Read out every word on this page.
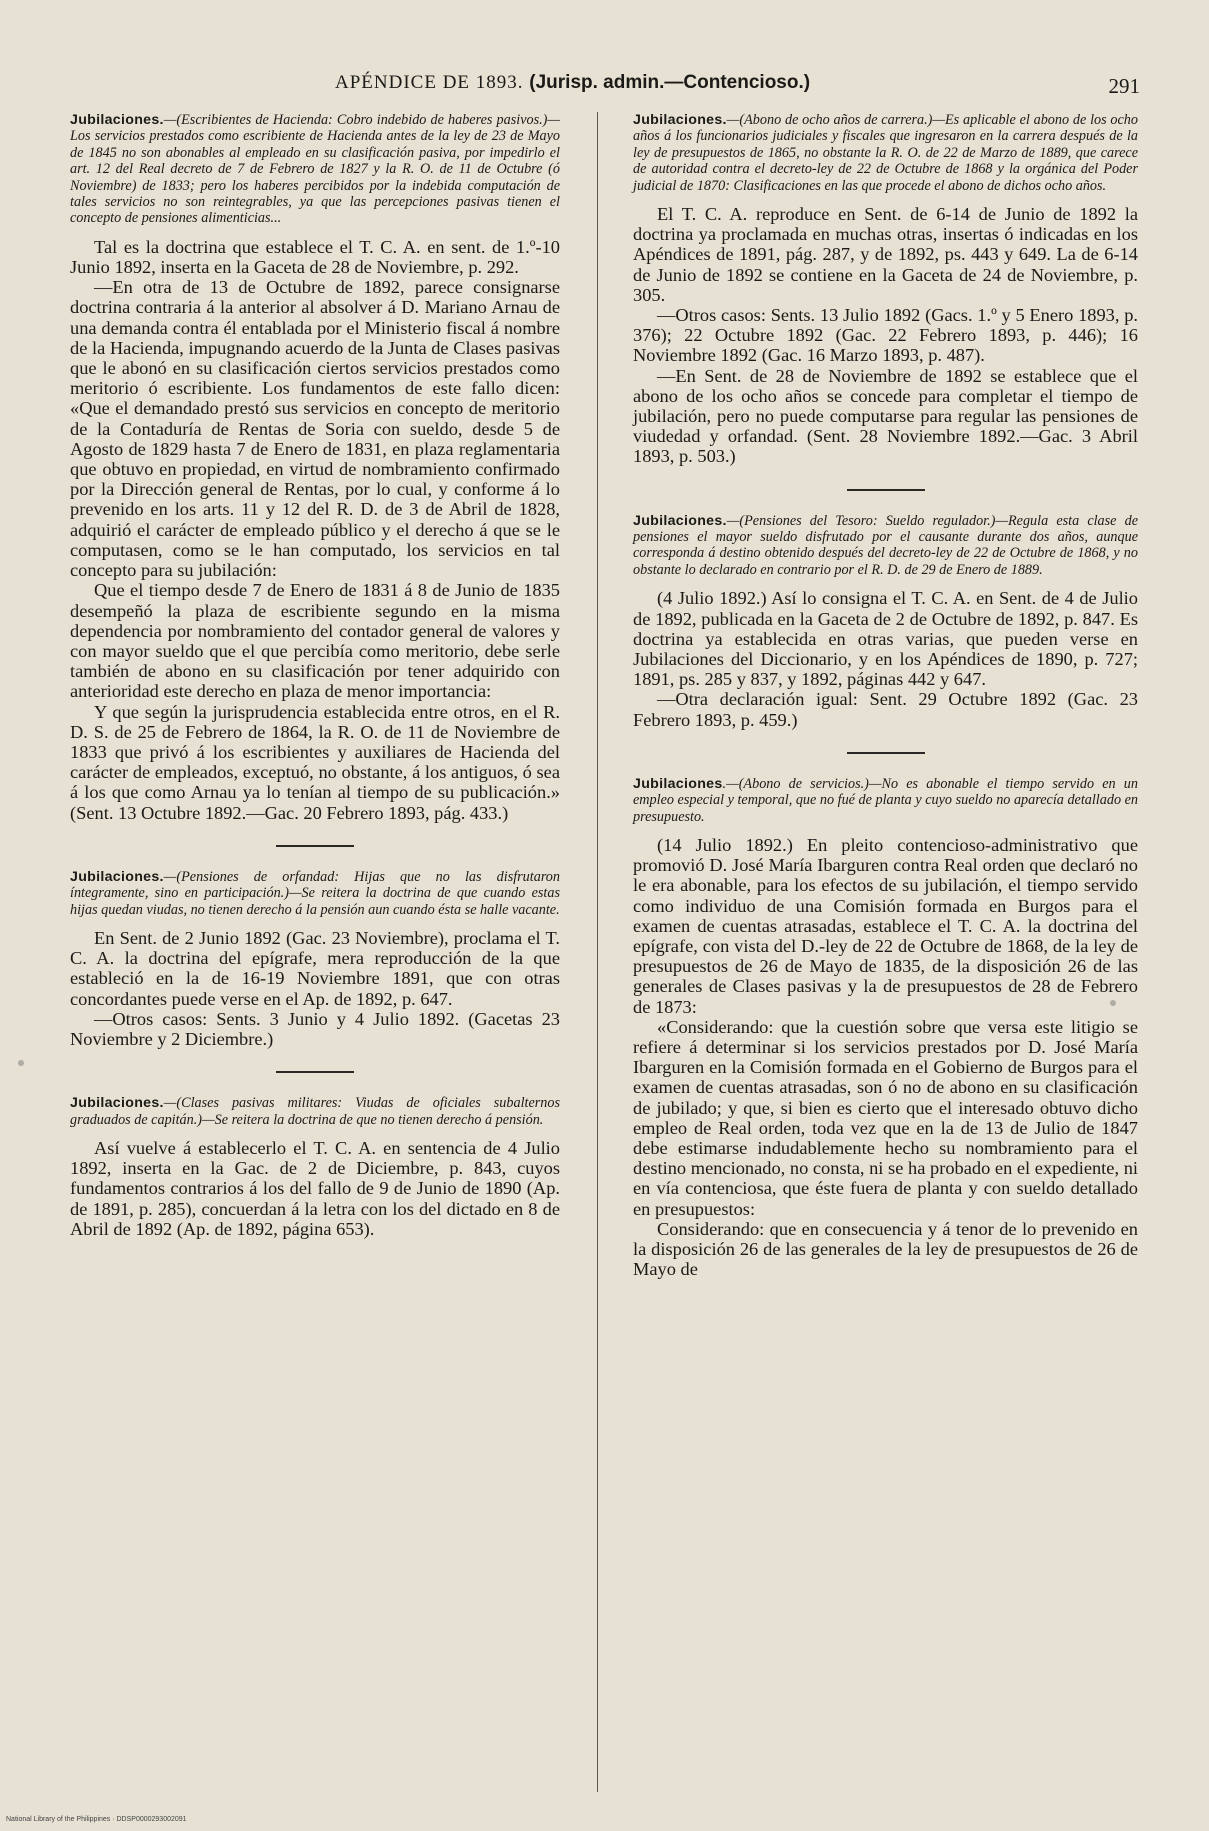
APÉNDICE DE 1893. (Jurisp. admin.—Contencioso.)	291

Jubilaciones.—(Escribientes de Hacienda: Cobro indebido de haberes pasivos.)—Los servicios prestados como escribiente de Hacienda antes de la ley de 23 de Mayo de 1845 no son abonables al empleado en su clasificación pasiva, por impedirlo el art. 12 del Real decreto de 7 de Febrero de 1827 y la R. O. de 11 de Octubre (ó Noviembre) de 1833; pero los haberes percibidos por la indebida computación de tales servicios no son reintegrables, ya que las percepciones pasivas tienen el concepto de pensiones alimenticias...

Tal es la doctrina que establece el T. C. A. en sent. de 1.º-10 Junio 1892, inserta en la Gaceta de 28 de Noviembre, p. 292.

—En otra de 13 de Octubre de 1892, parece consignarse doctrina contraria á la anterior al absolver á D. Mariano Arnau de una demanda contra él entablada por el Ministerio fiscal á nombre de la Hacienda, impugnando acuerdo de la Junta de Clases pasivas que le abonó en su clasificación ciertos servicios prestados como meritorio ó escribiente. Los fundamentos de este fallo dicen: «Que el demandado prestó sus servicios en concepto de meritorio de la Contaduría de Rentas de Soria con sueldo, desde 5 de Agosto de 1829 hasta 7 de Enero de 1831, en plaza reglamentaria que obtuvo en propiedad, en virtud de nombramiento confirmado por la Dirección general de Rentas, por lo cual, y conforme á lo prevenido en los arts. 11 y 12 del R. D. de 3 de Abril de 1828, adquirió el carácter de empleado público y el derecho á que se le computasen, como se le han computado, los servicios en tal concepto para su jubilación:

Que el tiempo desde 7 de Enero de 1831 á 8 de Junio de 1835 desempeñó la plaza de escribiente segundo en la misma dependencia por nombramiento del contador general de valores y con mayor sueldo que el que percibía como meritorio, debe serle también de abono en su clasificación por tener adquirido con anterioridad este derecho en plaza de menor importancia:

Y que según la jurisprudencia establecida entre otros, en el R. D. S. de 25 de Febrero de 1864, la R. O. de 11 de Noviembre de 1833 que privó á los escribientes y auxiliares de Hacienda del carácter de empleados, exceptuó, no obstante, á los antiguos, ó sea á los que como Arnau ya lo tenían al tiempo de su publicación.» (Sent. 13 Octubre 1892.—Gac. 20 Febrero 1893, pág. 433.)

Jubilaciones.—(Pensiones de orfandad: Hijas que no las disfrutaron íntegramente, sino en participación.)—Se reitera la doctrina de que cuando estas hijas quedan viudas, no tienen derecho á la pensión aun cuando ésta se halle vacante.

En Sent. de 2 Junio 1892 (Gac. 23 Noviembre), proclama el T. C. A. la doctrina del epígrafe, mera reproducción de la que estableció en la de 16-19 Noviembre 1891, que con otras concordantes puede verse en el Ap. de 1892, p. 647.

—Otros casos: Sents. 3 Junio y 4 Julio 1892. (Gacetas 23 Noviembre y 2 Diciembre.)

Jubilaciones.—(Clases pasivas militares: Viudas de oficiales subalternos graduados de capitán.)—Se reitera la doctrina de que no tienen derecho á pensión.

Así vuelve á establecerlo el T. C. A. en sentencia de 4 Julio 1892, inserta en la Gac. de 2 de Diciembre, p. 843, cuyos fundamentos contrarios á los del fallo de 9 de Junio de 1890 (Ap. de 1891, p. 285), concuerdan á la letra con los del dictado en 8 de Abril de 1892 (Ap. de 1892, página 653).

Jubilaciones.—(Abono de ocho años de carrera.)—Es aplicable el abono de los ocho años á los funcionarios judiciales y fiscales que ingresaron en la carrera después de la ley de presupuestos de 1865, no obstante la R. O. de 22 de Marzo de 1889, que carece de autoridad contra el decreto-ley de 22 de Octubre de 1868 y la orgánica del Poder judicial de 1870: Clasificaciones en las que procede el abono de dichos ocho años.

El T. C. A. reproduce en Sent. de 6-14 de Junio de 1892 la doctrina ya proclamada en muchas otras, insertas ó indicadas en los Apéndices de 1891, pág. 287, y de 1892, ps. 443 y 649. La de 6-14 de Junio de 1892 se contiene en la Gaceta de 24 de Noviembre, p. 305.

—Otros casos: Sents. 13 Julio 1892 (Gacs. 1.º y 5 Enero 1893, p. 376); 22 Octubre 1892 (Gac. 22 Febrero 1893, p. 446); 16 Noviembre 1892 (Gac. 16 Marzo 1893, p. 487).

—En Sent. de 28 de Noviembre de 1892 se establece que el abono de los ocho años se concede para completar el tiempo de jubilación, pero no puede computarse para regular las pensiones de viudedad y orfandad. (Sent. 28 Noviembre 1892.—Gac. 3 Abril 1893, p. 503.)

Jubilaciones.—(Pensiones del Tesoro: Sueldo regulador.)—Regula esta clase de pensiones el mayor sueldo disfrutado por el causante durante dos años, aunque corresponda á destino obtenido después del decreto-ley de 22 de Octubre de 1868, y no obstante lo declarado en contrario por el R. D. de 29 de Enero de 1889.

(4 Julio 1892.) Así lo consigna el T. C. A. en Sent. de 4 de Julio de 1892, publicada en la Gaceta de 2 de Octubre de 1892, p. 847. Es doctrina ya establecida en otras varias, que pueden verse en Jubilaciones del Diccionario, y en los Apéndices de 1890, p. 727; 1891, ps. 285 y 837, y 1892, páginas 442 y 647.

—Otra declaración igual: Sent. 29 Octubre 1892 (Gac. 23 Febrero 1893, p. 459.)

Jubilaciones.—(Abono de servicios.)—No es abonable el tiempo servido en un empleo especial y temporal, que no fué de planta y cuyo sueldo no aparecía detallado en presupuesto.

(14 Julio 1892.) En pleito contencioso-administrativo que promovió D. José María Ibarguren contra Real orden que declaró no le era abonable, para los efectos de su jubilación, el tiempo servido como individuo de una Comisión formada en Burgos para el examen de cuentas atrasadas, establece el T. C. A. la doctrina del epígrafe, con vista del D.-ley de 22 de Octubre de 1868, de la ley de presupuestos de 26 de Mayo de 1835, de la disposición 26 de las generales de Clases pasivas y la de presupuestos de 28 de Febrero de 1873:

«Considerando: que la cuestión sobre que versa este litigio se refiere á determinar si los servicios prestados por D. José María Ibarguren en la Comisión formada en el Gobierno de Burgos para el examen de cuentas atrasadas, son ó no de abono en su clasificación de jubilado; y que, si bien es cierto que el interesado obtuvo dicho empleo de Real orden, toda vez que en la de 13 de Julio de 1847 debe estimarse indudablemente hecho su nombramiento para el destino mencionado, no consta, ni se ha probado en el expediente, ni en vía contenciosa, que éste fuera de planta y con sueldo detallado en presupuestos:

Considerando: que en consecuencia y á tenor de lo prevenido en la disposición 26 de las generales de la ley de presupuestos de 26 de Mayo de

National Library of the Philippines · DDSP0000293002091
